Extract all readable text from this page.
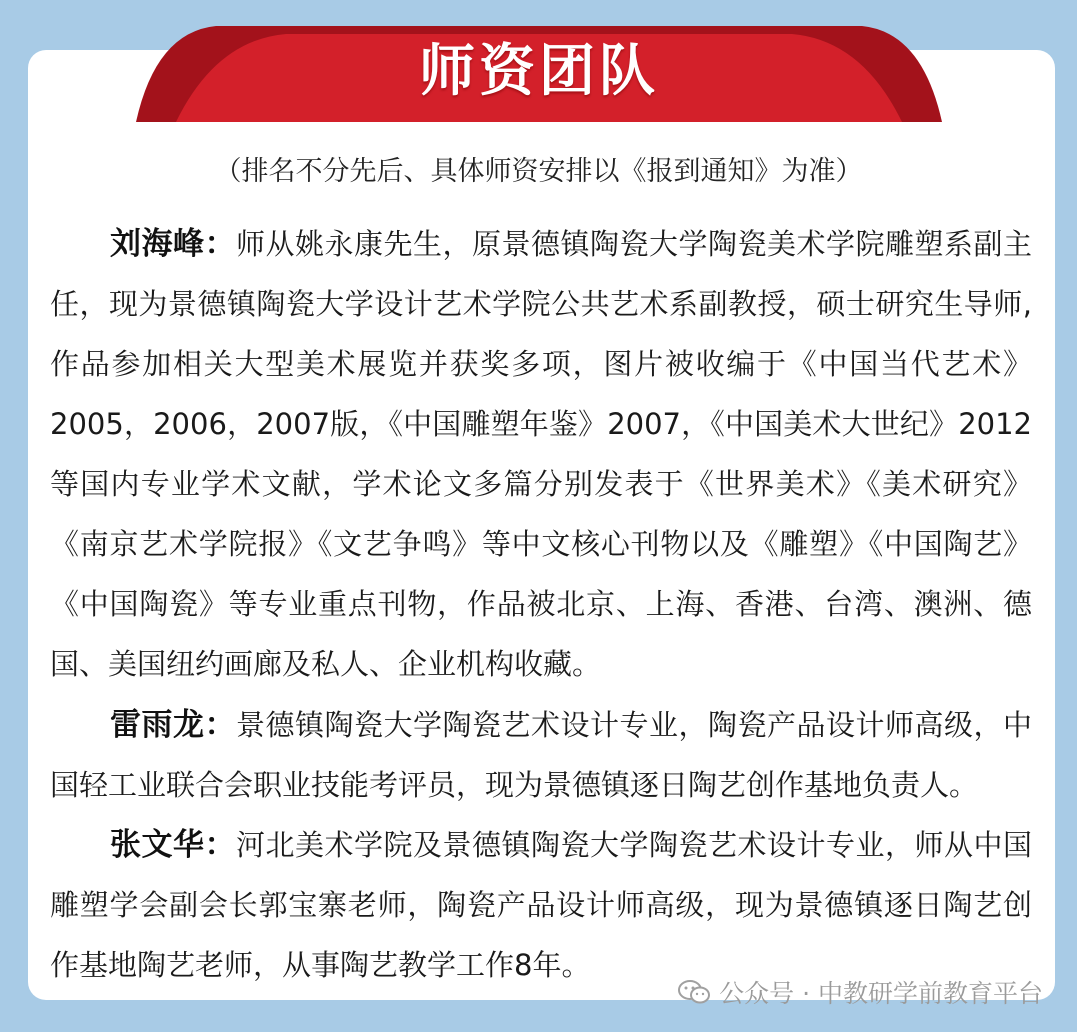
师资团队
（排名不分先后、具体师资安排以《报到通知》为准）

刘海峰：师从姚永康先生，原景德镇陶瓷大学陶瓷美术学院雕塑系副主任，现为景德镇陶瓷大学设计艺术学院公共艺术系副教授，硕士研究生导师,作品参加相关大型美术展览并获奖多项，图片被收编于《中国当代艺术》2005，2006，2007版，《中国雕塑年鉴》2007，《中国美术大世纪》2012等国内专业学术文献，学术论文多篇分别发表于《世界美术》《美术研究》《南京艺术学院报》《文艺争鸣》等中文核心刊物以及《雕塑》《中国陶艺》《中国陶瓷》等专业重点刊物，作品被北京、上海、香港、台湾、澳洲、德国、美国纽约画廊及私人、企业机构收藏。

雷雨龙：景德镇陶瓷大学陶瓷艺术设计专业，陶瓷产品设计师高级，中国轻工业联合会职业技能考评员，现为景德镇逐日陶艺创作基地负责人。

张文华：河北美术学院及景德镇陶瓷大学陶瓷艺术设计专业，师从中国雕塑学会副会长郭宝寨老师，陶瓷产品设计师高级，现为景德镇逐日陶艺创作基地陶艺老师，从事陶艺教学工作8年。

公众号 · 中教研学前教育平台
